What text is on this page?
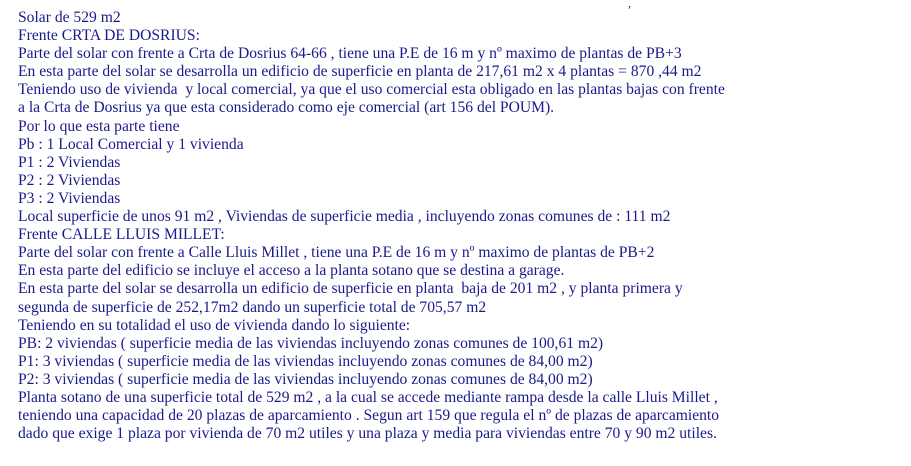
,

Solar de 529 m2

Frente CRTA DE DOSRIUS:

Parte del solar con frente a Crta de Dosrius 64-66 , tiene una P.E de 16 m y nº maximo de plantas de PB+3

En esta parte del solar se desarrolla un edificio de superficie en planta de 217,61 m2 x 4 plantas = 870 ,44 m2

Teniendo uso de vivienda  y local comercial, ya que el uso comercial esta obligado en las plantas bajas con frente

a la Crta de Dosrius ya que esta considerado como eje comercial (art 156 del POUM).

Por lo que esta parte tiene

Pb : 1 Local Comercial y 1 vivienda

P1 : 2 Viviendas

P2 : 2 Viviendas

P3 : 2 Viviendas

Local superficie de unos 91 m2 , Viviendas de superficie media , incluyendo zonas comunes de : 111 m2

Frente CALLE LLUIS MILLET:

Parte del solar con frente a Calle Lluis Millet , tiene una P.E de 16 m y nº maximo de plantas de PB+2

En esta parte del edificio se incluye el acceso a la planta sotano que se destina a garage.

En esta parte del solar se desarrolla un edificio de superficie en planta  baja de 201 m2 , y planta primera y

segunda de superficie de 252,17m2 dando un superficie total de 705,57 m2

Teniendo en su totalidad el uso de vivienda dando lo siguiente:

PB: 2 viviendas ( superficie media de las viviendas incluyendo zonas comunes de 100,61 m2)

P1: 3 viviendas ( superficie media de las viviendas incluyendo zonas comunes de 84,00 m2)

P2: 3 viviendas ( superficie media de las viviendas incluyendo zonas comunes de 84,00 m2)

Planta sotano de una superficie total de 529 m2 , a la cual se accede mediante rampa desde la calle Lluis Millet ,

teniendo una capacidad de 20 plazas de aparcamiento . Segun art 159 que regula el nº de plazas de aparcamiento

dado que exige 1 plaza por vivienda de 70 m2 utiles y una plaza y media para viviendas entre 70 y 90 m2 utiles.
